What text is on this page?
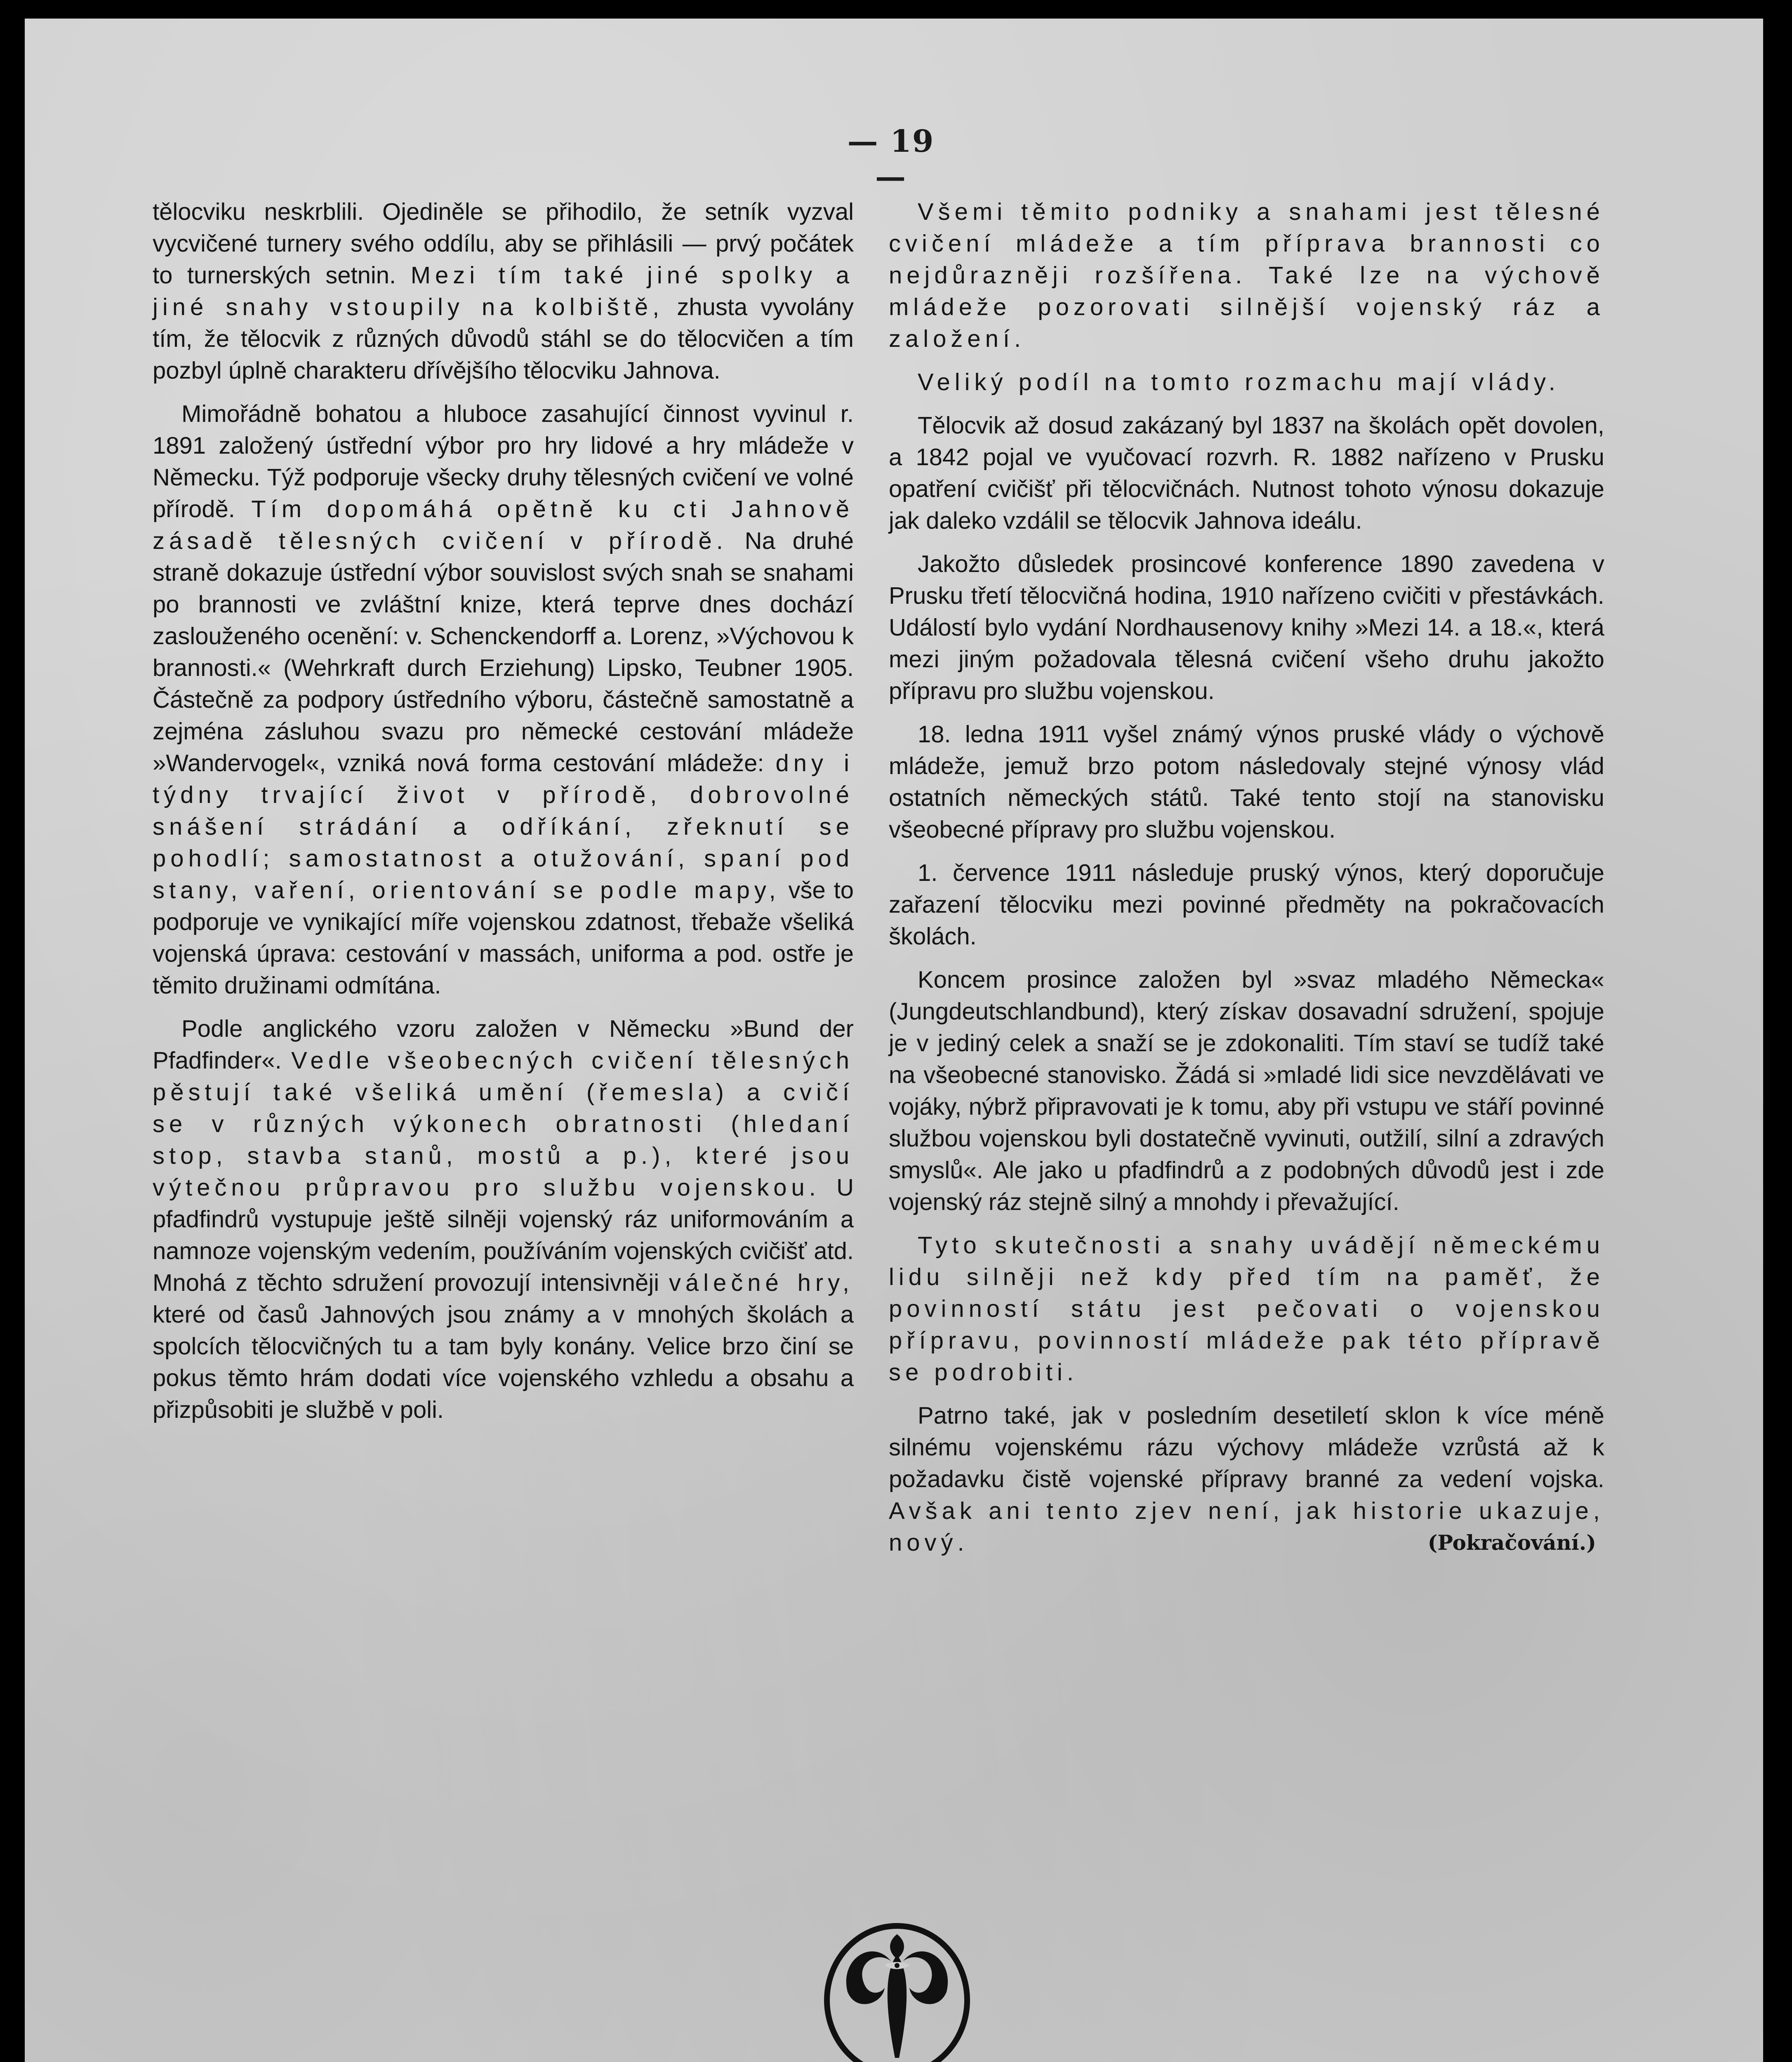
— 19 —

tělocviku neskrblili. Ojediněle se přihodilo, že setník vyzval vycvičené turnery svého oddílu, aby se přihlásili — prvý počátek to turnerských setnin. Mezi tím také jiné spolky a jiné snahy vstoupily na kolbiště, zhusta vyvolány tím, že tělocvik z různých důvodů stáhl se do tělocvičen a tím pozbyl úplně charakteru dřívějšího tělocviku Jahnova.

Mimořádně bohatou a hluboce zasahující činnost vyvinul r. 1891 založený ústřední výbor pro hry lidové a hry mládeže v Německu. Týž podporuje všecky druhy tělesných cvičení ve volné přírodě. Tím dopomáhá opětně ku cti Jahnově zásadě tělesných cvičení v přírodě. Na druhé straně dokazuje ústřední výbor souvislost svých snah se snahami po brannosti ve zvláštní knize, která teprve dnes dochází zaslouženého ocenění: v. Schenckendorff a. Lorenz, »Výchovou k brannosti.« (Wehrkraft durch Erziehung) Lipsko, Teubner 1905. Částečně za podpory ústředního výboru, částečně samostatně a zejména zásluhou svazu pro německé cestování mládeže »Wandervogel«, vzniká nová forma cestování mládeže: dny i týdny trvající život v přírodě, dobrovolné snášení strádání a odříkání, zřeknutí se pohodlí; samostatnost a otužování, spaní pod stany, vaření, orientování se podle mapy, vše to podporuje ve vynikající míře vojenskou zdatnost, třebaže všeliká vojenská úprava: cestování v massách, uniforma a pod. ostře je těmito družinami odmítána.

Podle anglického vzoru založen v Německu »Bund der Pfadfinder«. Vedle všeobecných cvičení tělesných pěstují také všeliká umění (řemesla) a cvičí se v různých výkonech obratnosti (hledaní stop, stavba stanů, mostů a p.), které jsou výtečnou průpravou pro službu vojenskou. U pfadfindrů vystupuje ještě silněji vojenský ráz uniformováním a namnoze vojenským vedením, používáním vojenských cvičišť atd. Mnohá z těchto sdružení provozují intensivněji válečné hry, které od časů Jahnových jsou známy a v mnohých školách a spolcích tělocvičných tu a tam byly konány. Velice brzo činí se pokus těmto hrám dodati více vojenského vzhledu a obsahu a přizpůsobiti je službě v poli.

Všemi těmito podniky a snahami jest tělesné cvičení mládeže a tím příprava brannosti co nejdůrazněji rozšířena. Také lze na výchově mládeže pozorovati silnější vojenský ráz a založení.

Veliký podíl na tomto rozmachu mají vlády.

Tělocvik až dosud zakázaný byl 1837 na školách opět dovolen, a 1842 pojal ve vyučovací rozvrh. R. 1882 nařízeno v Prusku opatření cvičišť při tělocvičnách. Nutnost tohoto výnosu dokazuje jak daleko vzdálil se tělocvik Jahnova ideálu.

Jakožto důsledek prosincové konference 1890 zavedena v Prusku třetí tělocvičná hodina, 1910 nařízeno cvičiti v přestávkách. Událostí bylo vydání Nordhausenovy knihy »Mezi 14. a 18.«, která mezi jiným požadovala tělesná cvičení všeho druhu jakožto přípravu pro službu vojenskou.

18. ledna 1911 vyšel známý výnos pruské vlády o výchově mládeže, jemuž brzo potom následovaly stejné výnosy vlád ostatních německých států. Také tento stojí na stanovisku všeobecné přípravy pro službu vojenskou.

1. července 1911 následuje pruský výnos, který doporučuje zařazení tělocviku mezi povinné předměty na pokračovacích školách.

Koncem prosince založen byl »svaz mladého Německa« (Jungdeutschlandbund), který získav dosavadní sdružení, spojuje je v jediný celek a snaží se je zdokonaliti. Tím staví se tudíž také na všeobecné stanovisko. Žádá si »mladé lidi sice nevzdělávati ve vojáky, nýbrž připravovati je k tomu, aby při vstupu ve stáří povinné službou vojenskou byli dostatečně vyvinuti, outžilí, silní a zdravých smyslů«. Ale jako u pfadfindrů a z podobných důvodů jest i zde vojenský ráz stejně silný a mnohdy i převažující.

Tyto skutečnosti a snahy uvádějí německému lidu silněji než kdy před tím na paměť, že povinností státu jest pečovati o vojenskou přípravu, povinností mládeže pak této přípravě se podrobiti.

Patrno také, jak v posledním desetiletí sklon k více méně silnému vojenskému rázu výchovy mládeže vzrůstá až k požadavku čistě vojenské přípravy branné za vedení vojska. Avšak ani tento zjev není, jak historie ukazuje, nový.	(Pokračování.)
